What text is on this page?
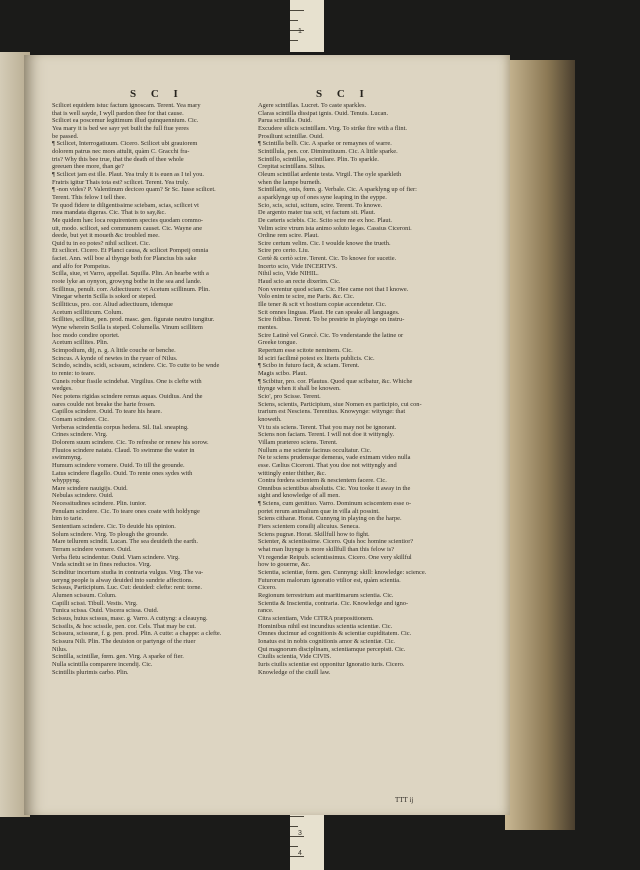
1
3
4
S C I	S C I
Scilicet equidem istuc factum ignoscam. Terent. Yea mary
that is well sayde, I wyll pardon thee for that cause.
Scilicet ea poscemur legitimum illud quinquennium. Cic.
Yea mary it is bed we sayr yet built the full fiue yeres
be passed.
¶ Scilicet, Interrogatiuum. Cicero. Scilicet ubi grauiorem
dolorem patrus nec mors attulit, quàm C. Gracchi fra-
tris? Why this bee true, that the death of thee whole
greeuen thee more, than ge?
¶ Scilicet jam est ille. Plaut. Yea truly it is euen as I tel you.
Fratris igitur Thais tota est? scilicet. Terent. Yea truly.
¶ -non vides? P. Valentinum deciceo quam? Sr Sc. Iusse scilicet.
Terent. This felow I tell thee.
Te quod fidere te diligentissime sciebam, scias, scilicet vt
mea mandata digeras. Cic. That is to say,&c.
Me quidem hæc loca requirentem species quodam commo-
uit, modo. scilicet, sed communem causet. Cic. Wayne ane
deede, but yet it moueth &c troubled mee.
Quid tu in eo potes? nihil scilicet. Cic.
Et scilicet. Cicero. Et Planci causa, & scilicet Pompeij omnia
faciet. Ann. will boe al thynge both for Plancius bis sake
and alfo for Pompeius.
Scilla, siue, vt Varro, appellat. Squilla. Plin. An hearbe with a
roote lyke an oynyon, growyng bothe in the sea and lande.
Scillinus, penult. corr. Adiectiuum: vt Acetum scillinum. Plin.
Vinegar wherin Scilla is soked or steped.
Scilliticus, pro. cor. Aliud adiectiuum, idemque
Acetum scilliticum. Colum.
Scillites, scillitæ, pen. prod. masc. gen. figurate neutro iungitur.
Wyne wherein Scilla is steped. Columella. Vinum scillitem
hoc modo condire oportet.
Acetum scillites. Plin.
Scimpodium, dij, n. g. A little couche or benche.
Scincus. A kynde of newtes in the ryuer of Nilus.
Scindo, scindis, scidi, scissum, scindere. Cic. To cutte to be wnde
to rente: to teare.
Cuneis robur fissile scindebat. Virgilius. One is clefte with
wedges.
Nec potens rigidas scindere remus aquas. Ouidius. And the
oares coulde not breake the harte frosen.
Capillos scindere. Ouid. To teare his heare.
Comam scindere. Cic.
Verberas scindentia corpus hedera. Sil. Ital. sneaping.
Crines scindere. Virg.
Dolorem suum scindere. Cic. To refreshe or renew his sorow.
Fluuios scindere natatu. Claud. To swimme the water in
swimmyng.
Humum scindere vomere. Ouid. To till the grounde.
Latus scindere flagello. Ouid. To rente ones sydes with
whyppyng.
Mare scindere nauigijs. Ouid.
Nebulas scindere. Ouid.
Necessitudines scindere. Plin. iunior.
Penulam scindere. Cic. To teare ones coate with holdynge
him to tarie.
Sententiam scindere. Cic. To deuide his opinion.
Solum scindere. Virg. To plough the grounde.
Mare tellurem scindit. Lucan. The sea deuideth the earth.
Terram scindere vomere. Ouid.
Verba fletu scindentur. Ouid. Viam scindere. Virg.
Vnda scindit se in fines reductos. Virg.
Scinditur incertum studia in contraria vulgus. Virg. The va-
ueryng people is alway deuided into sundrie affections.
Scissus, Participium. Luc. Cut: deuided: clefte: rent: torne.
Alumen scissum. Colum.
Capilli scissi. Tibull. Vestis. Virg.
Tunica scissa. Ouid. Viscera scissa. Ouid.
Scissus, huius scissus, masc. g. Varro. A cuttyng: a cleauyng.
Scissilis, & hoc scissile, pen. cor. Cels. That may be cut.
Scissura, scissuræ, f. g. pen. prod. Plin. A cutte: a chappe: a clefte.
Scissura Nili. Plin. The deuiston or partynge of the riuer
Nilus.
Scintilla, scintillæ, fœm. gen. Virg. A sparke of fier.
Nulla scintilla comparere incendij. Cic.
Scintillis plurimis carbo. Plin.
Agere scintillas. Lucret. To caste sparkles.
Claras scintilla dissipat ignis. Ouid. Tenuis. Lucan.
Parua scintilla. Ouid.
Excudere silicis scintillam. Virg. To strike fire with a flint.
Prosiliunt scintillæ. Ouid.
¶ Scintilla belli. Cic. A sparke or remaynes of warre.
Scintillula, pen. cor. Diminutiuum. Cic. A little sparke.
Scintillo, scintillas, scintillare. Plin. To sparkle.
Crepitat scintillans. Silius.
Oleum scintillat ardente testa. Virgil. The oyle sparkleth
when the lampe burneth.
Scintillatio, onis, fœm. g. Verbale. Cic. A sparklyng up of fier:
a sparklynge up of ones syne leaping in the eyppe.
Scio, scis, sciui, scitum, scire. Terent. To knowe.
De argento mater tua scit, vt factum sit. Plaut.
De cæteris sciebis. Cic. Scito scire me ex hoc. Plaut.
Velim scire vtrum ista animo soluto legas. Cassius Ciceroni.
Ordine rem scire. Plaut.
Scire certum velim. Cic. I woulde knowe the trueth.
Scire pro certo. Liu.
Certè & certò scire. Terent. Cic. To knowe for sucetie.
Incerto scio, Vide INCERTVS.
Nihil scio, Vide NIHIL.
Haud scio an recte dixerim. Cic.
Non verentur quod sciam. Cic. Hee came not that I knowe.
Volo enim te scire, me Paris. &c. Cic.
Ille tener & scit vt hostium copiæ accendetur. Cic.
Scit omnes linguas. Plaut. He can speake all languages.
Scire fidibus. Terent. To be prestrie in playinge on instru-
mentes.
Scire Latinè vel Græcè. Cic. To vnderstande the latine or
Greeke tongue.
Repertum esse scitote neminem. Cic.
Id sciri facilimè potest ex literis publicis. Cic.
¶ Scibo in futuro facit, & sciam. Terent.
Magis scibo. Plaut.
¶ Scibitur, pro. cor. Plautus. Quod quæ scibatur, &c. Whiche
thynge when it shall be knowen.
Scio', pro Scisse. Terent.
Sciens, scientis, Participium, siue Nomen ex participio, cui con-
trarium est Nesciens. Terentius. Knowynge: witynge: that
knoweth.
Vt tu sis sciens. Terent. That you may not be ignorant.
Sciens non faciam. Terent. I will not doe it wittyngly.
Villam prætereo sciens. Terent.
Nullum a me sciente facinus occultatur. Cic.
Ne te sciens prudensque demeras, vade eximam video nulla
esse. Cælius Ciceroni. That you doe not wittyngly and
wittingly enter thither, &c.
Contra fœdera scientem & nescientem facere. Cic.
Omnibus scientibus absolutis. Cic. You tooke it away in the
sight and knowledge of all men.
¶ Sciens, cum genitiuo. Varro. Dominum sciscentem esse o-
portet rerum animalium quæ in villa alt possint.
Sciens citharæ. Horat. Cunnyng in playing on the harpe.
Fiers scientem consilij alicuius. Seneca.
Sciens pugnæ. Horat. Skillfull how to fight.
Scienter, & scientissime. Cicero. Quis hoc homine scientior?
what man liuynge is more skillfull than this felow is?
Vt regendæ Reipub. scientissimus. Cicero. One very skillful
how to gouerne, &c.
Scientia, scientiæ, fœm. gen. Cunnyng: skill: knowledge: science.
Futurorum malorum ignoratio vtilior est, quàm scientia.
Cicero.
Regionum terrestrium aut maritimarum scientia. Cic.
Scientia & Inscientia, contraria. Cic. Knowledge and igno-
rance.
Citra scientiam, Vide CITRA præpositionem.
Hominibus nihil est incundius scientia scientiæ. Cic.
Omnes ducimur ad cognitionis & scientiæ cupiditatem. Cic.
Ionatus est in nobis cognitionis amor & scientiæ. Cic.
Qui magnorum disciplinam, scientiamque percepisti. Cic.
Ciuilis scientia, Vide CIVIS.
Iuris ciuilis scientiæ est opponitur Ignoratio iuris. Cicero.
Knowledge of the ciuill law.
TTT ij
